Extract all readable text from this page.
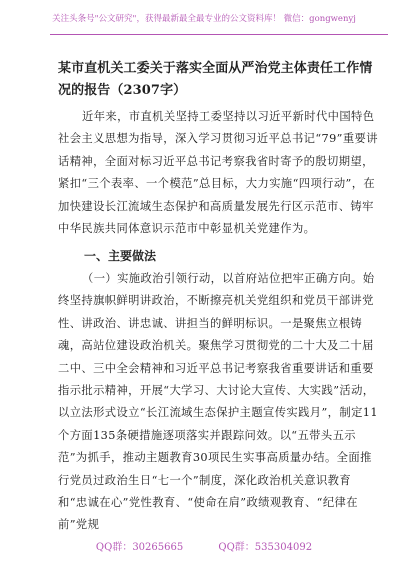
关注头条号"公文研究"，获得最新最全最专业的公文资料库！ 微信：gongwenyj
某市直机关工委关于落实全面从严治党主体责任工作情况的报告（2307字）
近年来，市直机关坚持工委坚持以习近平新时代中国特色社会主义思想为指导，深入学习贯彻习近平总书记“79”重要讲话精神，全面对标习近平总书记考察我省时寄予的殷切期望，紧扣“三个表率、一个模范”总目标，大力实施“四项行动”，在加快建设长江流域生态保护和高质量发展先行区示范市、铸牢中华民族共同体意识示范市中彰显机关党建作为。
一、主要做法
（一）实施政治引领行动，以首府站位把牢正确方向。始终坚持旗帜鲜明讲政治，不断擦亮机关党组织和党员干部讲党性、讲政治、讲忠诚、讲担当的鲜明标识。一是聚焦立根铸魂，高站位建设政治机关。聚焦学习贯彻党的二十大及二十届二中、三中全会精神和习近平总书记考察我省重要讲话和重要指示批示精神，开展“大学习、大讨论大宣传、大实践”活动，以立法形式设立“长江流域生态保护主题宣传实践月”，制定11个方面135条硬措施逐项落实并跟踪问效。以“五带头五示范”为抓手，推动主题教育30项民生实事高质量办结。全面推行党员过政治生日“七一个”制度，深化政治机关意识教育和“忠诚在心”党性教育、“使命在肩”政绩观教育、“纪律在前”党规
QQ群：30265665	QQ群：535304092
